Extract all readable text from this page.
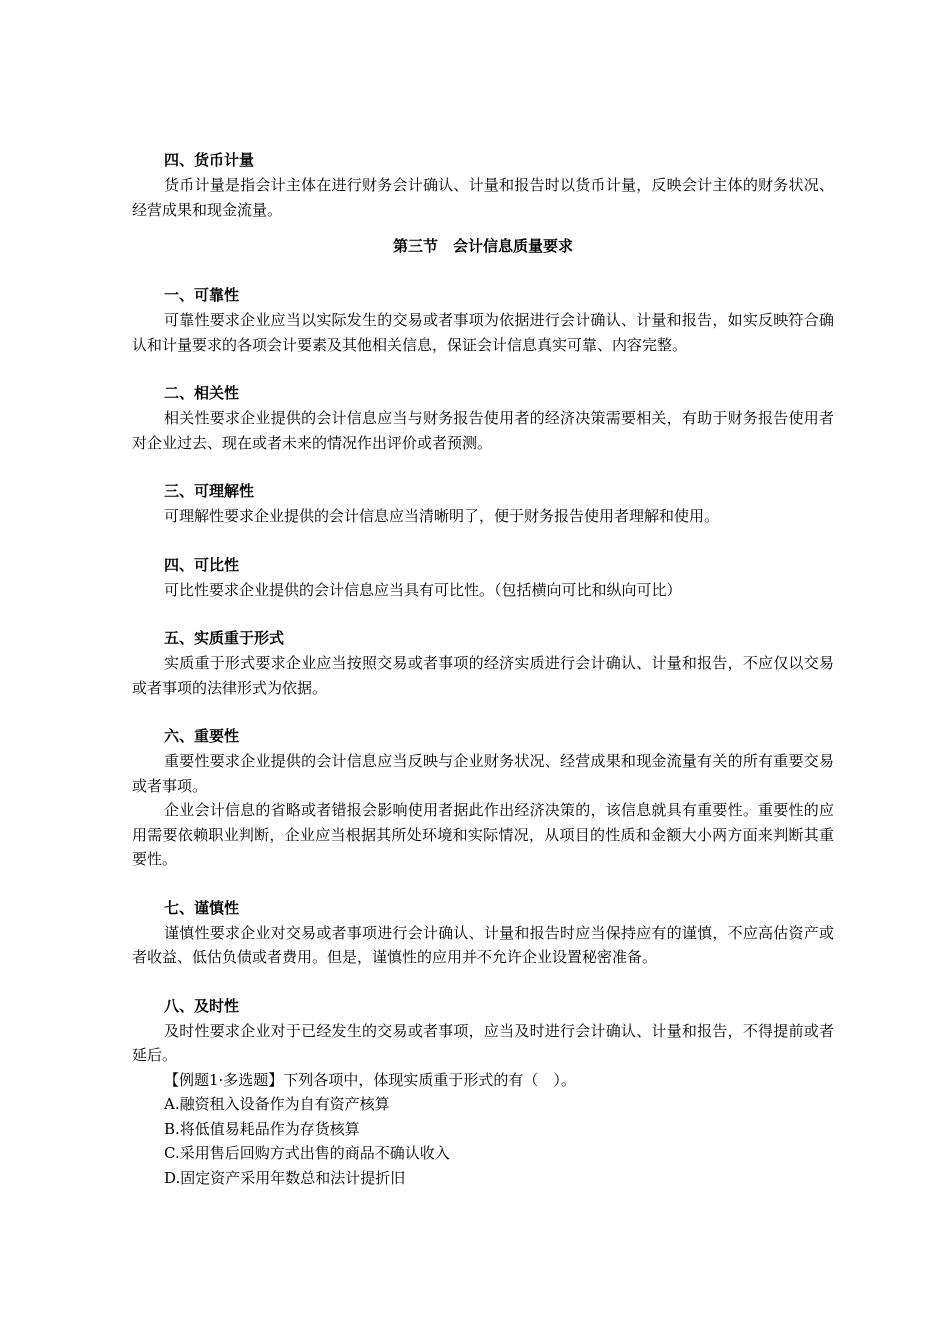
四、货币计量
货币计量是指会计主体在进行财务会计确认、计量和报告时以货币计量，反映会计主体的财务状况、经营成果和现金流量。
第三节　会计信息质量要求
一、可靠性
可靠性要求企业应当以实际发生的交易或者事项为依据进行会计确认、计量和报告，如实反映符合确认和计量要求的各项会计要素及其他相关信息，保证会计信息真实可靠、内容完整。
二、相关性
相关性要求企业提供的会计信息应当与财务报告使用者的经济决策需要相关，有助于财务报告使用者对企业过去、现在或者未来的情况作出评价或者预测。
三、可理解性
可理解性要求企业提供的会计信息应当清晰明了，便于财务报告使用者理解和使用。
四、可比性
可比性要求企业提供的会计信息应当具有可比性。（包括横向可比和纵向可比）
五、实质重于形式
实质重于形式要求企业应当按照交易或者事项的经济实质进行会计确认、计量和报告，不应仅以交易或者事项的法律形式为依据。
六、重要性
重要性要求企业提供的会计信息应当反映与企业财务状况、经营成果和现金流量有关的所有重要交易或者事项。
企业会计信息的省略或者错报会影响使用者据此作出经济决策的，该信息就具有重要性。重要性的应用需要依赖职业判断，企业应当根据其所处环境和实际情况，从项目的性质和金额大小两方面来判断其重要性。
七、谨慎性
谨慎性要求企业对交易或者事项进行会计确认、计量和报告时应当保持应有的谨慎，不应高估资产或者收益、低估负债或者费用。但是，谨慎性的应用并不允许企业设置秘密准备。
八、及时性
及时性要求企业对于已经发生的交易或者事项，应当及时进行会计确认、计量和报告，不得提前或者延后。
【例题1·多选题】下列各项中，体现实质重于形式的有（　）。
A.融资租入设备作为自有资产核算
B.将低值易耗品作为存货核算
C.采用售后回购方式出售的商品不确认收入
D.固定资产采用年数总和法计提折旧
